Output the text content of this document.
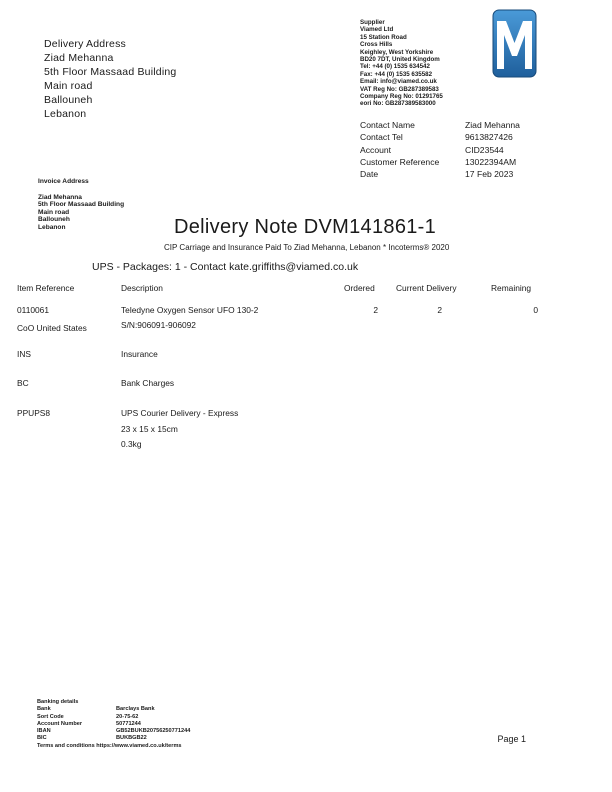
Delivery Address
Ziad Mehanna
5th Floor Massaad Building
Main road
Ballouneh
Lebanon
Supplier
Viamed Ltd
15 Station Road
Cross Hills
Keighley, West Yorkshire
BD20 7DT, United Kingdom
Tel: +44 (0) 1535 634542
Fax: +44 (0) 1535 635582
Email: info@viamed.co.uk
VAT Reg No: GB287389583
Company Reg No: 01291765
eori No: GB287389583000
Contact Name	Ziad Mehanna
Contact Tel	9613827426
Account	CID23544
Customer Reference	13022394AM
Date	17 Feb 2023
Invoice Address
Ziad Mehanna
5th Floor Massaad Building
Main road
Ballouneh
Lebanon	Delivery Note DVM141861-1
CIP Carriage and Insurance Paid To Ziad Mehanna, Lebanon * Incoterms® 2020
UPS - Packages: 1 - Contact kate.griffiths@viamed.co.uk
Item Reference	Description	Ordered	Current Delivery	Remaining
0110061	Teledyne Oxygen Sensor UFO 130-2	2	2	0
CoO United States	S/N:906091-906092
INS	Insurance
BC	Bank Charges
PPUPS8	UPS Courier Delivery - Express
23 x 15 x 15cm
0.3kg
Banking details
Bank	Barclays Bank
Sort Code	20-75-62
Account Number	50771244
IBAN	GB52BUKB20756250771244
BIC	BUKBGB22
Terms and conditions https://www.viamed.co.uk/terms
Page 1
